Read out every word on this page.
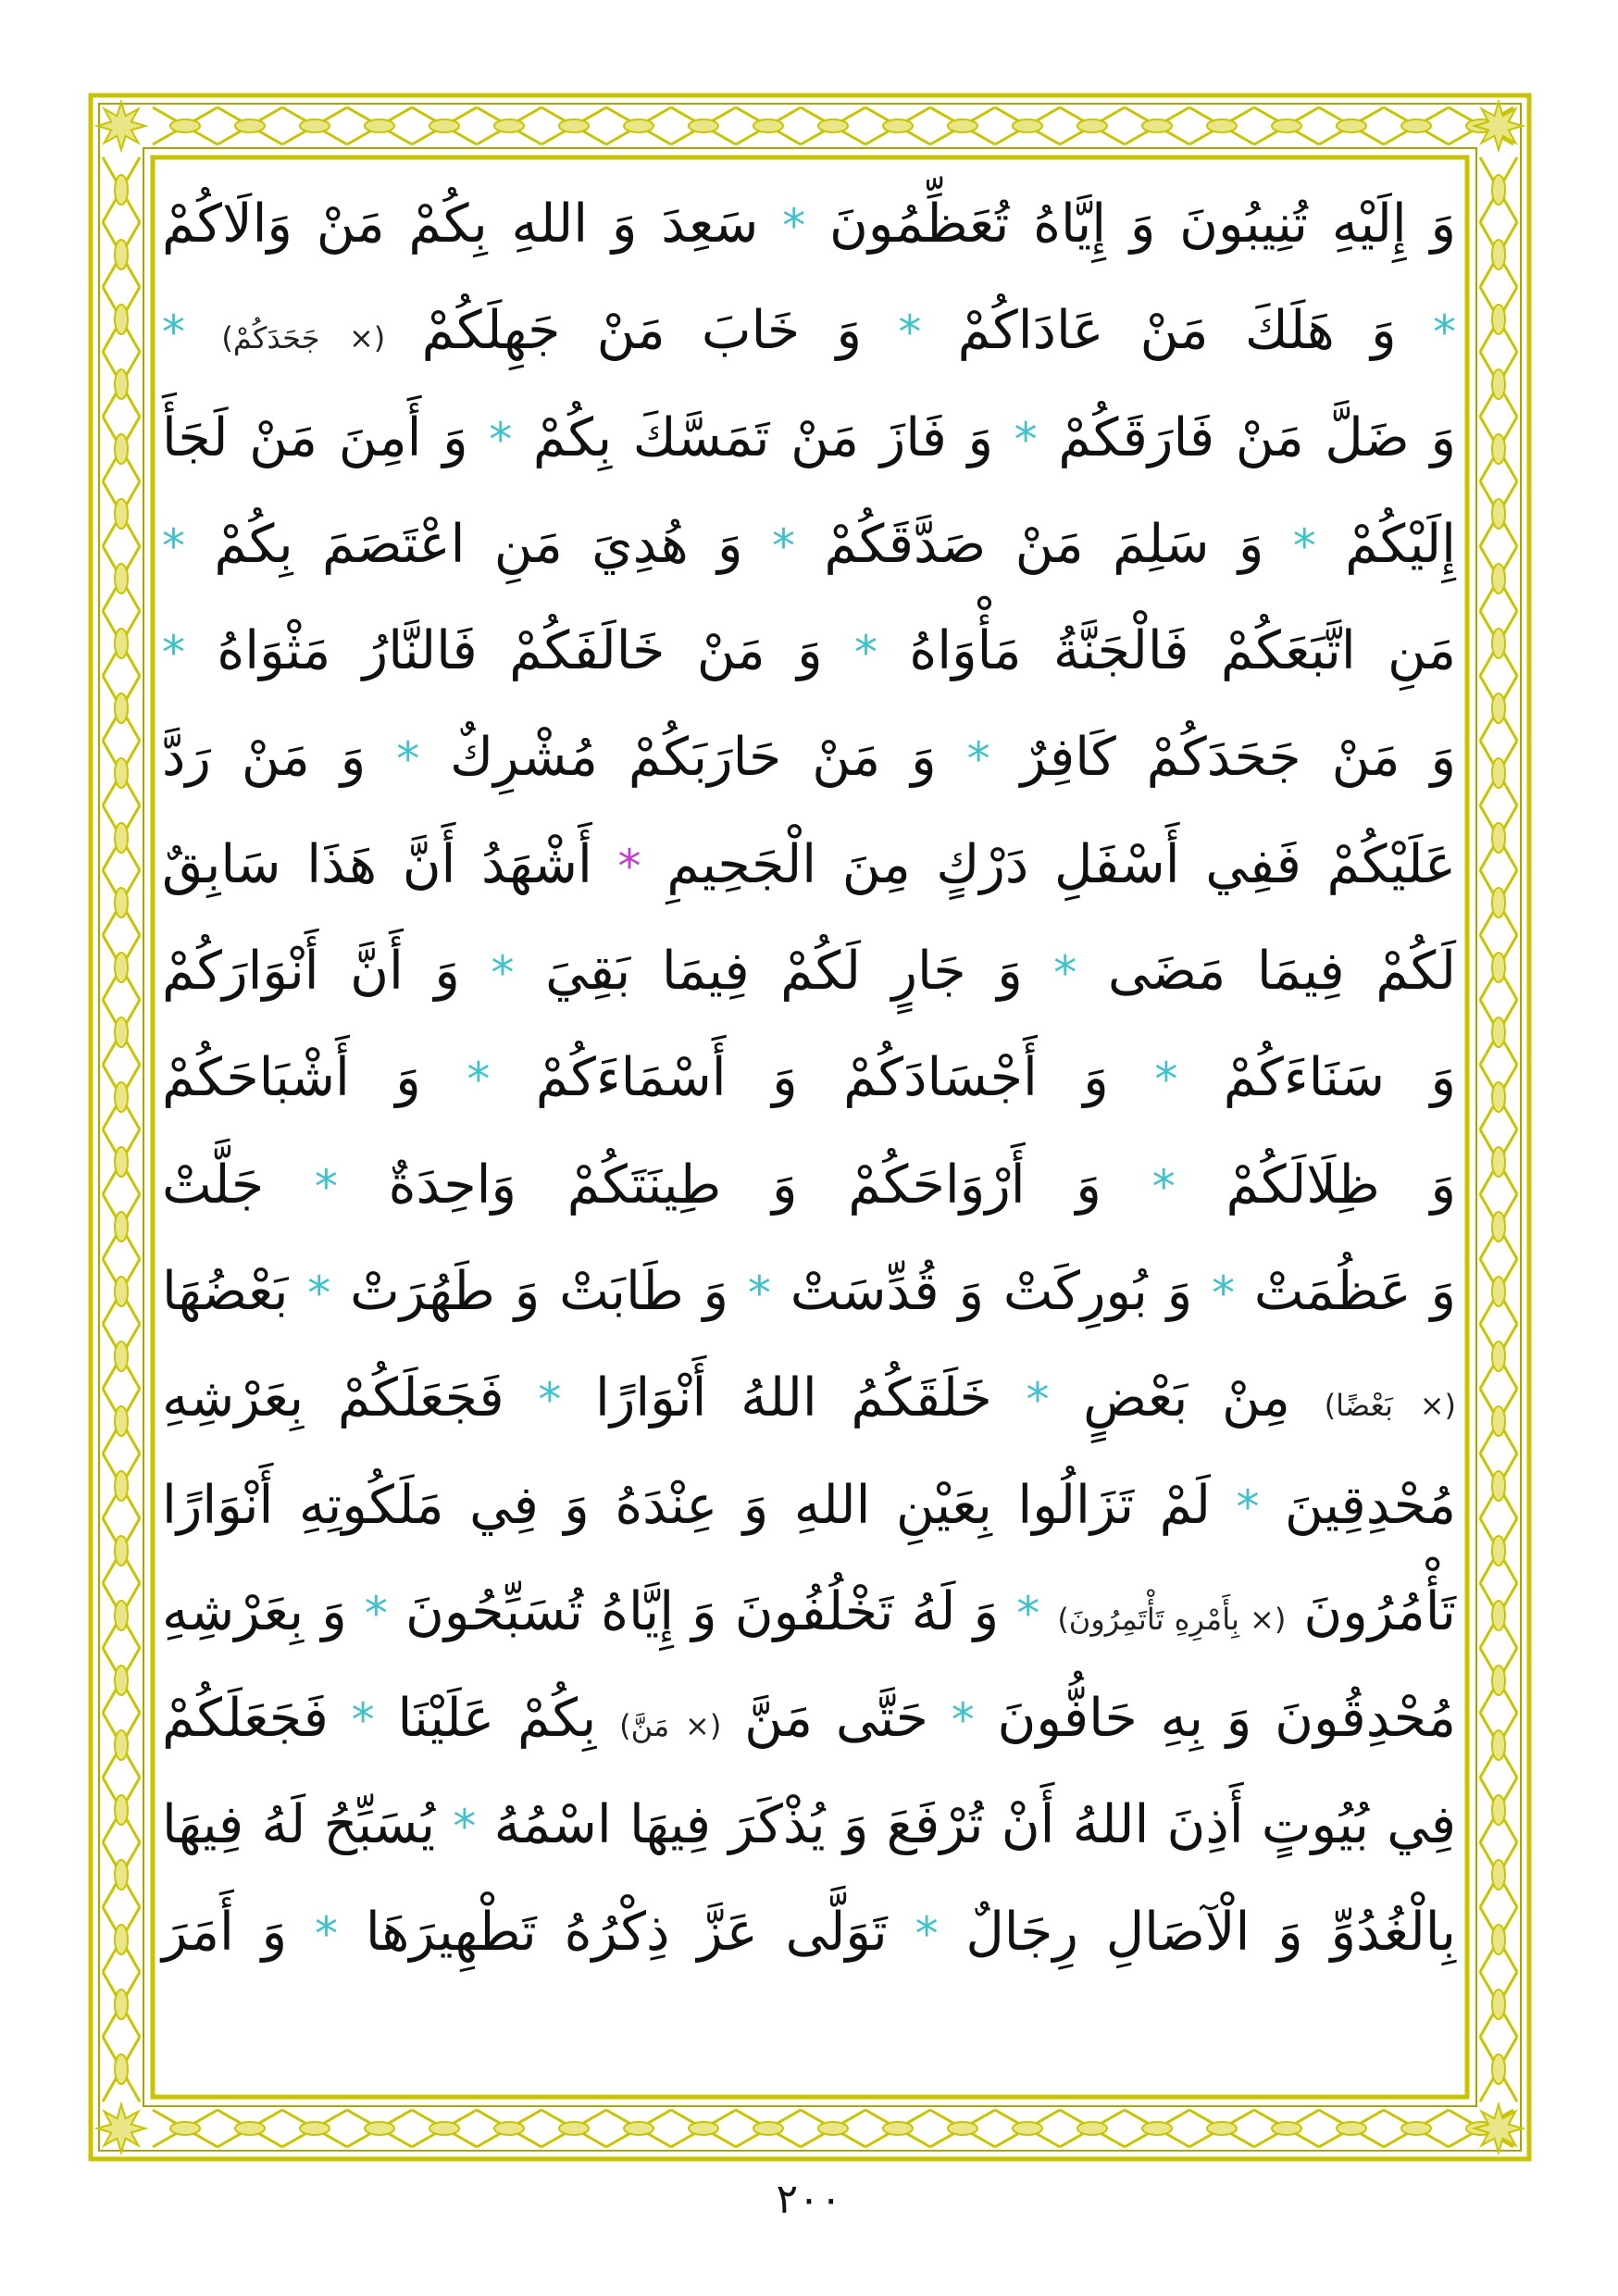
وَ إِلَيْهِ تُنِيبُونَ وَ إِيَّاهُ تُعَظِّمُونَ * سَعِدَ وَ اللهِ بِكُمْ مَنْ وَالَاكُمْ
* وَ هَلَكَ مَنْ عَادَاكُمْ * وَ خَابَ مَنْ جَهِلَكُمْ (× جَحَدَكُمْ) *
وَ ضَلَّ مَنْ فَارَقَكُمْ * وَ فَازَ مَنْ تَمَسَّكَ بِكُمْ * وَ أَمِنَ مَنْ لَجَأَ
إِلَيْكُمْ * وَ سَلِمَ مَنْ صَدَّقَكُمْ * وَ هُدِيَ مَنِ اعْتَصَمَ بِكُمْ *
مَنِ اتَّبَعَكُمْ فَالْجَنَّةُ مَأْوَاهُ * وَ مَنْ خَالَفَكُمْ فَالنَّارُ مَثْوَاهُ *
وَ مَنْ جَحَدَكُمْ كَافِرٌ * وَ مَنْ حَارَبَكُمْ مُشْرِكٌ * وَ مَنْ رَدَّ
عَلَيْكُمْ فَفِي أَسْفَلِ دَرْكٍ مِنَ الْجَحِيمِ * أَشْهَدُ أَنَّ هَذَا سَابِقٌ
لَكُمْ فِيمَا مَضَى * وَ جَارٍ لَكُمْ فِيمَا بَقِيَ * وَ أَنَّ أَنْوَارَكُمْ
وَ سَنَاءَكُمْ * وَ أَجْسَادَكُمْ وَ أَسْمَاءَكُمْ * وَ أَشْبَاحَكُمْ
وَ ظِلَالَكُمْ * وَ أَرْوَاحَكُمْ وَ طِينَتَكُمْ وَاحِدَةٌ * جَلَّتْ
وَ عَظُمَتْ * وَ بُورِكَتْ وَ قُدِّسَتْ * وَ طَابَتْ وَ طَهُرَتْ * بَعْضُهَا
(× بَعْضًا) مِنْ بَعْضٍ * خَلَقَكُمُ اللهُ أَنْوَارًا * فَجَعَلَكُمْ بِعَرْشِهِ
مُحْدِقِينَ * لَمْ تَزَالُوا بِعَيْنِ اللهِ وَ عِنْدَهُ وَ فِي مَلَكُوتِهِ أَنْوَارًا
تَأْمُرُونَ (× بِأَمْرِهِ تَأْتَمِرُونَ) * وَ لَهُ تَخْلُفُونَ وَ إِيَّاهُ تُسَبِّحُونَ * وَ بِعَرْشِهِ
مُحْدِقُونَ وَ بِهِ حَافُّونَ * حَتَّى مَنَّ (× مَنَّ) بِكُمْ عَلَيْنَا * فَجَعَلَكُمْ
فِي بُيُوتٍ أَذِنَ اللهُ أَنْ تُرْفَعَ وَ يُذْكَرَ فِيهَا اسْمُهُ * يُسَبِّحُ لَهُ فِيهَا
بِالْغُدُوِّ وَ الْآصَالِ رِجَالٌ * تَوَلَّى عَزَّ ذِكْرُهُ تَطْهِيرَهَا * وَ أَمَرَ
٢٠٠
